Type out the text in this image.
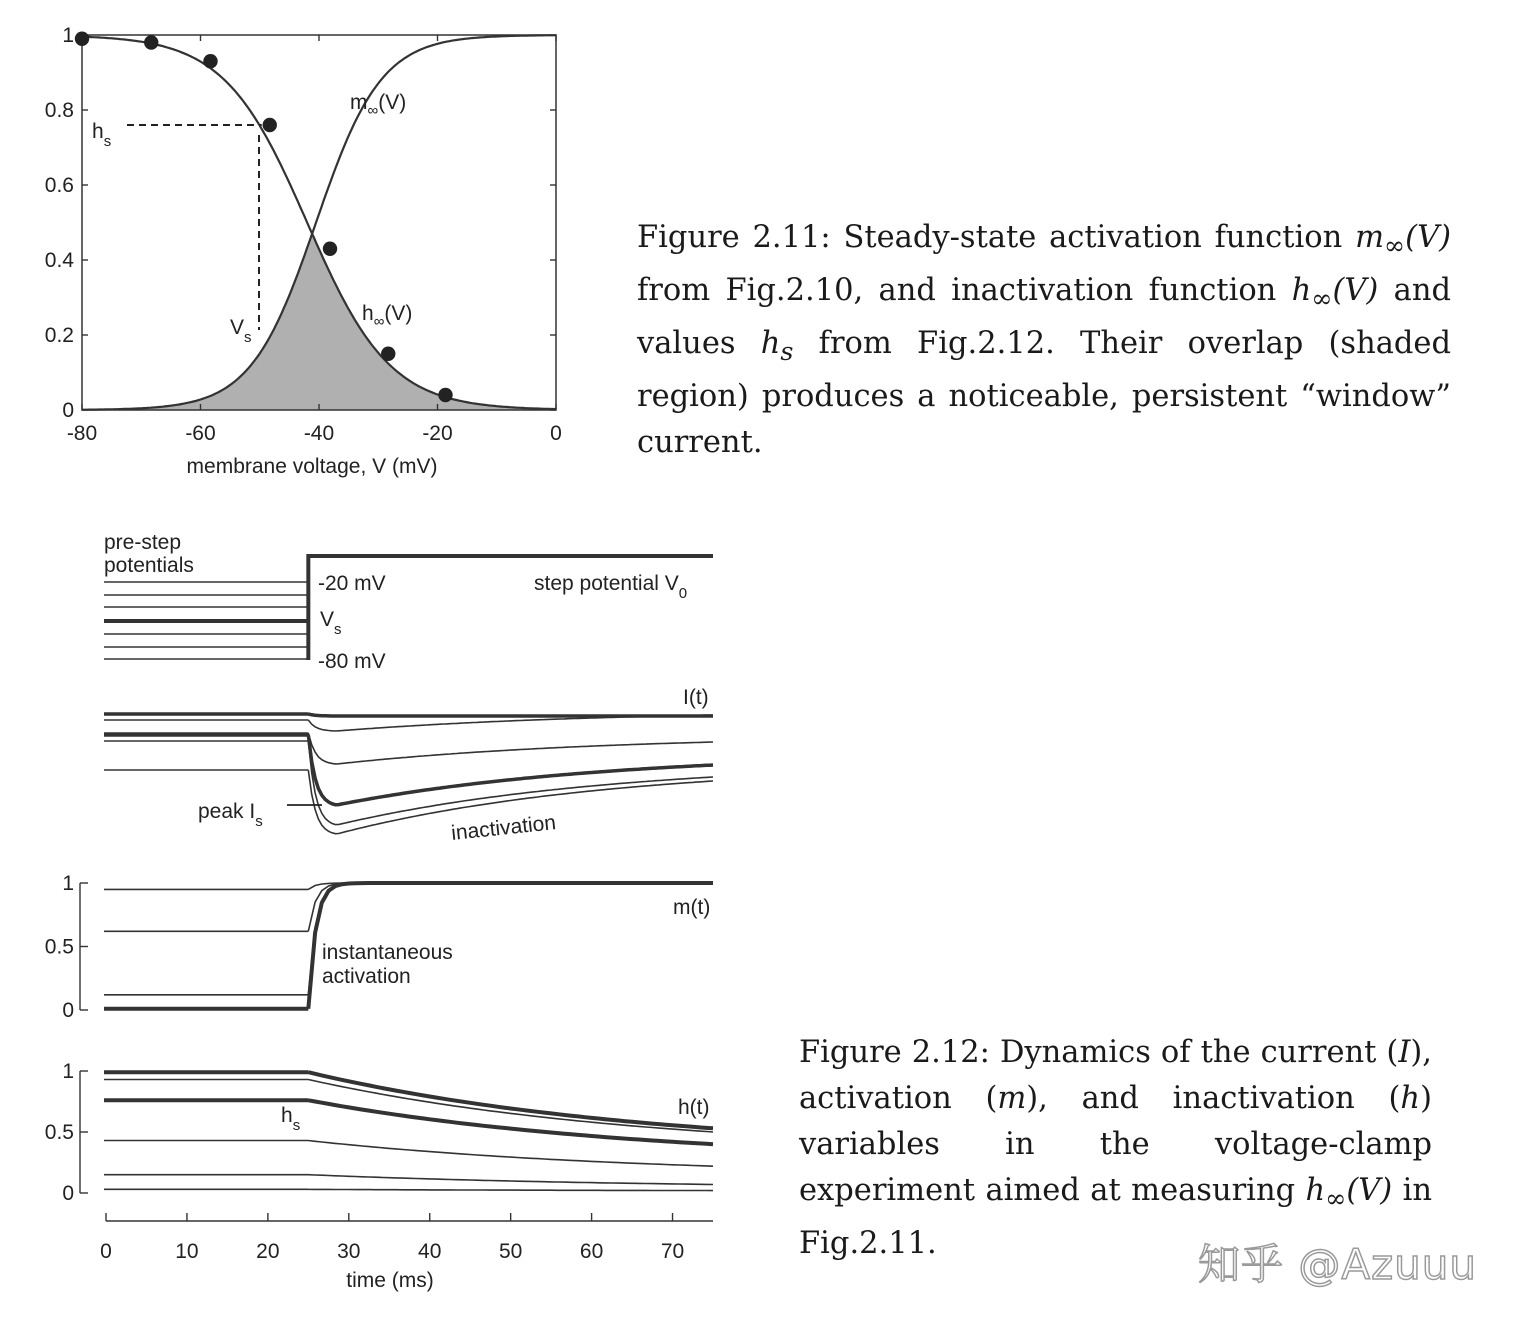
-80	-60	-40	-20	0
0
0.2
0.4
0.6
0.8
1
$h_s$
$V_s$
$m_\infty(V)$
$h_\infty(V)$
membrane voltage, V (mV)
pre-step
potentials
-20 mV
$V_s$
-80 mV
step potential $V_0$
I(t)
peak $I_s$	inactivation
0
0.5
1
m(t)
instantaneous
activation
0
0.5
1
h(t)
$h_s$
0	10	20	30	40	50	60	70
time (ms)

Figure 2.11: Steady-state activation function $m_\infty(V)$ from Fig.2.10, and inactivation function $h_\infty(V)$ and values $h_s$ from Fig.2.12. Their overlap (shaded region) produces a noticeable, persistent “window” current.

Figure 2.12: Dynamics of the current (I), activation (m), and inactivation (h) variables in the voltage-clamp experiment aimed at measuring $h_\infty(V)$ in Fig.2.11.	知乎 @Azuuu
